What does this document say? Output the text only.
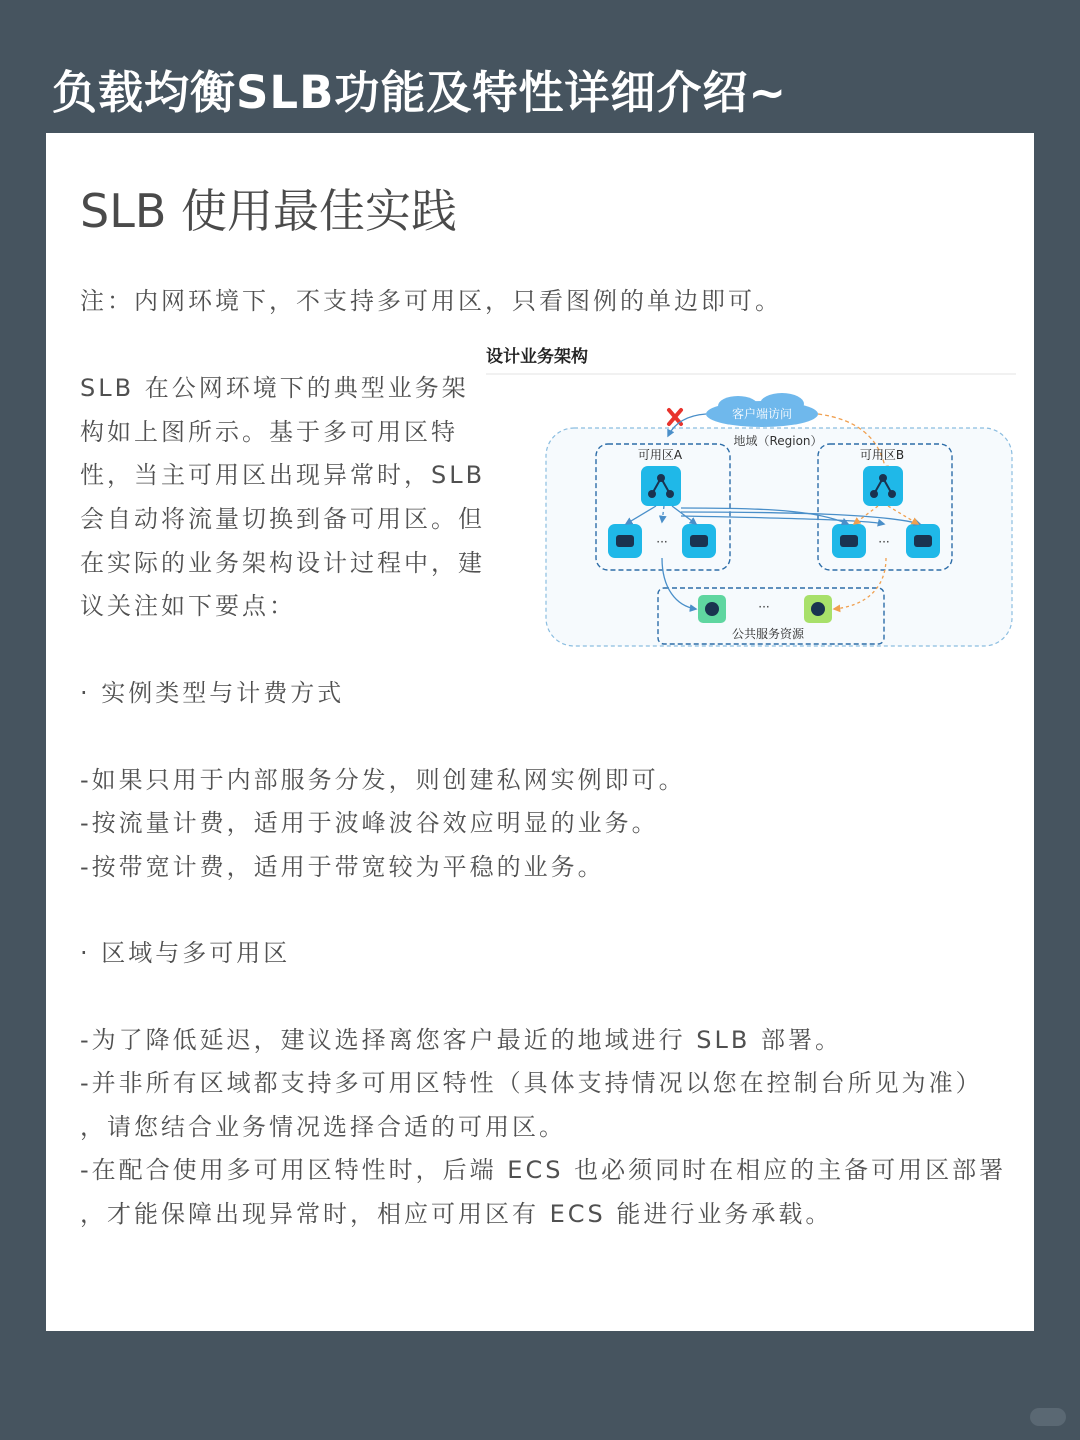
负载均衡SLB功能及特性详细介绍~
SLB 使用最佳实践
注：内网环境下，不支持多可用区，只看图例的单边即可。
SLB 在公网环境下的典型业务架
构如上图所示。基于多可用区特
性，当主可用区出现异常时，SLB
会自动将流量切换到备可用区。但
在实际的业务架构设计过程中，建
议关注如下要点：
· 实例类型与计费方式
-如果只用于内部服务分发，则创建私网实例即可。
-按流量计费，适用于波峰波谷效应明显的业务。
-按带宽计费，适用于带宽较为平稳的业务。
· 区域与多可用区
-为了降低延迟，建议选择离您客户最近的地域进行 SLB 部署。
-并非所有区域都支持多可用区特性（具体支持情况以您在控制台所见为准）
，请您结合业务情况选择合适的可用区。
-在配合使用多可用区特性时，后端 ECS 也必须同时在相应的主备可用区部署
，才能保障出现异常时，相应可用区有 ECS 能进行业务承载。
设计业务架构
地域（Region）
客户端访问
可用区A	可用区B
···	···
···
公共服务资源
